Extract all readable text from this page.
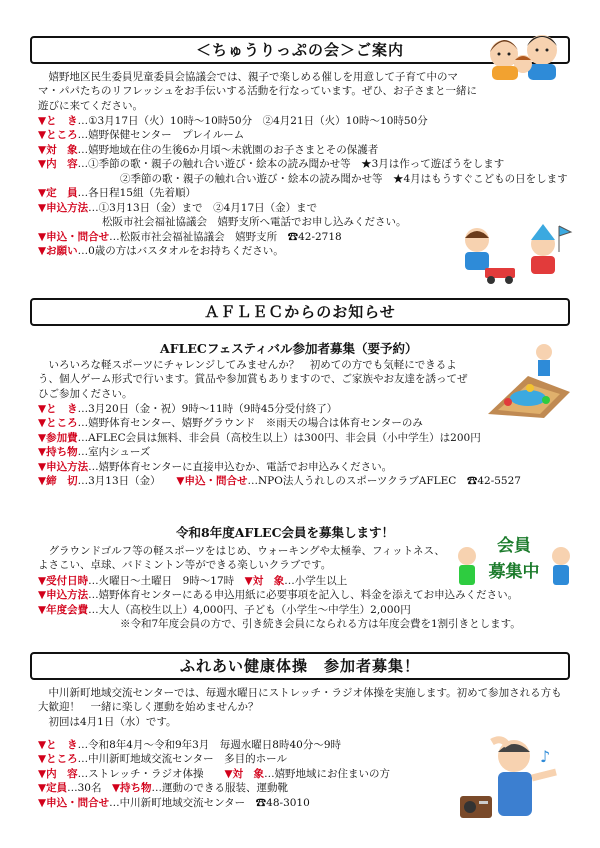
＜ちゅうりっぷの会＞ご案内
　嬉野地区民生委員児童委員会協議会では、親子で楽しめる催しを用意して子育て中のママ・パパたちのリフレッシュをお手伝いする活動を行なっています。ぜひ、お子さまと一緒に遊びに来てください。
▼と　き…①3月17日（火）10時～10時50分　②4月21日（火）10時～10時50分
▼ところ…嬉野保健センター　プレイルーム
▼対　象…嬉野地域在住の生後6か月頃～未就園のお子さまとその保護者
▼内　容…①季節の歌・親子の触れ合い遊び・絵本の読み聞かせ等　★3月は作って遊ぼうをします
②季節の歌・親子の触れ合い遊び・絵本の読み聞かせ等　★4月はもうすぐこどもの日をします
▼定　員…各日程15組（先着順）
▼申込方法…①3月13日（金）まで　②4月17日（金）まで
松阪市社会福祉協議会　嬉野支所へ電話でお申し込みください。
▼申込・問合せ…松阪市社会福祉協議会　嬉野支所　☎42-2718
▼お願い…0歳の方はバスタオルをお持ちください。
ＡＦＬＥＣからのお知らせ
AFLECフェスティバル参加者募集（要予約）
　いろいろな軽スポーツにチャレンジしてみませんか？　初めての方でも気軽にできるよう、個人ゲーム形式で行います。賞品や参加賞もありますので、ご家族やお友達を誘ってぜひご参加ください。
▼と　き…3月20日（金・祝）9時～11時（9時45分受付終了）
▼ところ…嬉野体育センター、嬉野グラウンド　※雨天の場合は体育センターのみ
▼参加費…AFLEC会員は無料、非会員（高校生以上）は300円、非会員（小中学生）は200円
▼持ち物…室内シューズ
▼申込方法…嬉野体育センターに直接申込むか、電話でお申込みください。
▼締　切…3月13日（金）　　 ▼申込・問合せ…NPO法人うれしのスポーツクラブAFLEC　☎42-5527
令和8年度AFLEC会員を募集します！
　グラウンドゴルフ等の軽スポーツをはじめ、ウォーキングや太極拳、フィットネス、よさこい、卓球、バドミントン等ができる楽しいクラブです。
会員
募集中
▼受付日時…火曜日～土曜日　9時～17時　 ▼対　象…小学生以上
▼申込方法…嬉野体育センターにある申込用紙に必要事項を記入し、料金を添えてお申込みください。
▼年度会費…大人（高校生以上）4,000円、子ども（小学生～中学生）2,000円
※令和7年度会員の方で、引き続き会員になられる方は年度会費を1割引きとします。
ふれあい健康体操　参加者募集！
　中川新町地域交流センターでは、毎週水曜日にストレッチ・ラジオ体操を実施します。初めて参加される方も大歓迎！　一緒に楽しく運動を始めませんか？
　初回は4月1日（水）です。
♪
▼と　き…令和8年4月～令和9年3月　毎週水曜日8時40分～9時
▼ところ…中川新町地域交流センター　多目的ホール
▼内　容…ストレッチ・ラジオ体操　　 ▼対　象…嬉野地域にお住まいの方
▼定員…30名　 ▼持ち物…運動のできる服装、運動靴
▼申込・問合せ…中川新町地域交流センター　☎48-3010
